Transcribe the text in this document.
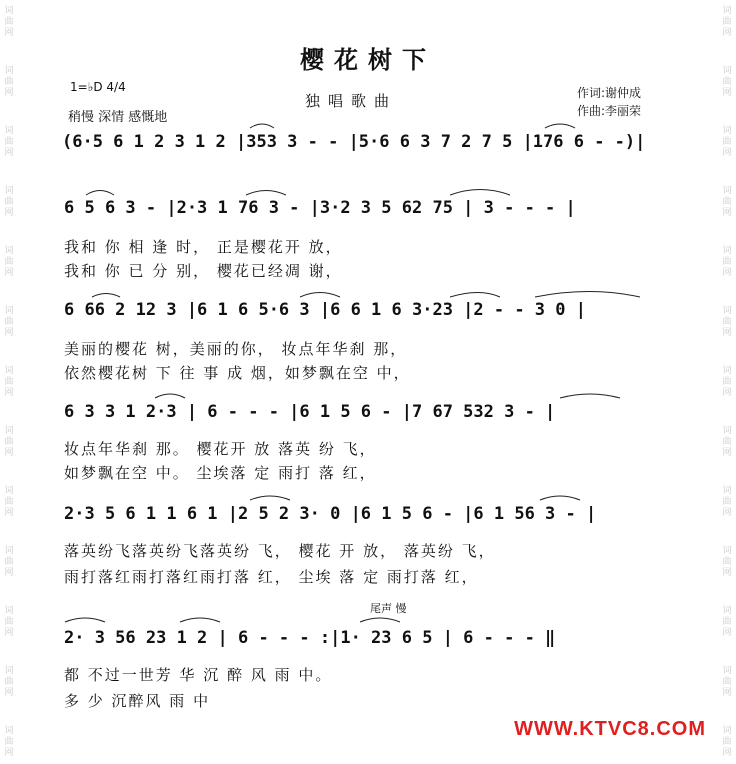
词
曲
网
词
曲
网
词
曲
网
词
曲
网
词
曲
网
词
曲
网
词
曲
网
词
曲
网
词
曲
网
词
曲
网
词
曲
网
词
曲
网
词
曲
网
词
曲
网
词
曲
网
词
曲
网
词
曲
网
词
曲
网
词
曲
网
词
曲
网
词
曲
网
词
曲
网
词
曲
网
词
曲
网
词
曲
网
词
曲
网
樱花树下
1=♭D 4/4
独唱歌曲
稍慢 深情 感慨地
作词:谢仲成
作曲:李丽荣
(6·5 6 1 2 3 1 2 |353 3 - - |5·6 6 3 7 2 7 5 |176 6 - -)|
6 5 6 3 - |2·3 1 76 3 - |3·2 3 5 62 75 | 3 - - - |
我和 你 相 逢 时， 正是樱花开 放，
我和 你 已 分 别， 樱花已经凋 谢，
6 66 2 12 3 |6 1 6 5·6 3 |6 6 1 6 3·23 |2 - - 3 0 |
美丽的樱花 树，美丽的你， 妆点年华刹 那，
依然樱花树 下 往 事 成 烟，如梦飘在空 中，
6 3 3 1 2·3 | 6 - - - |6 1 5 6 - |7 67 532 3 - |
妆点年华刹 那。 樱花开 放 落英 纷 飞，
如梦飘在空 中。 尘埃落 定 雨打 落 红，
2·3 5 6 1 1 6 1 |2 5 2 3· 0 |6 1 5 6 - |6 1 56 3 - |
落英纷飞落英纷飞落英纷 飞， 樱花 开 放， 落英纷 飞，
雨打落红雨打落红雨打落 红， 尘埃 落 定 雨打落 红，
尾声 慢
2· 3 56 23 1 2 | 6 - - - :|1· 23 6 5 | 6 - - - ‖
都 不过一世芳 华 沉 醉 风 雨 中。
多 少 沉醉风 雨 中
WWW.KTVC8.COM
